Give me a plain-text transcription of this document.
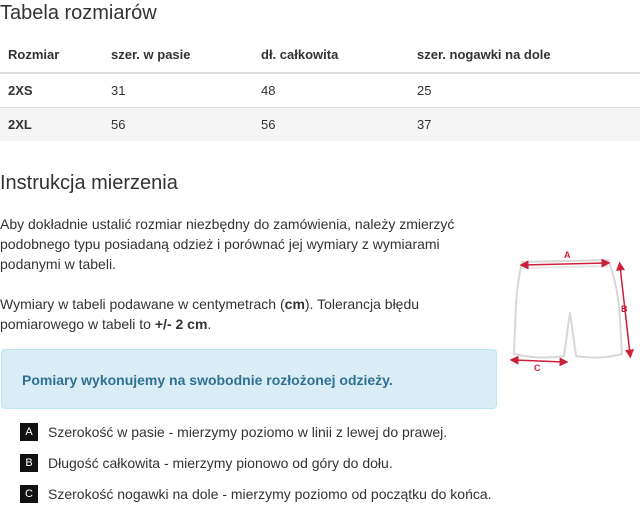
Tabela rozmiarów
Rozmiar	szer. w pasie	dł. całkowita	szer. nogawki na dole
2XS	31	48	25
2XL	56	56	37
Instrukcja mierzenia

Aby dokładnie ustalić rozmiar niezbędny do zamówienia, należy zmierzyć podobnego typu posiadaną odzież i porównać jej wymiary z wymiarami podanymi w tabeli.

Wymiary w tabeli podawane w centymetrach (cm). Tolerancja błędu pomiarowego w tabeli to +/- 2 cm.

Pomiary wykonujemy na swobodnie rozłożonej odzieży.
A	Szerokość w pasie - mierzymy poziomo w linii z lewej do prawej.
B	Długość całkowita - mierzymy pionowo od góry do dołu.
C	Szerokość nogawki na dole - mierzymy poziomo od początku do końca.
A
B
C
